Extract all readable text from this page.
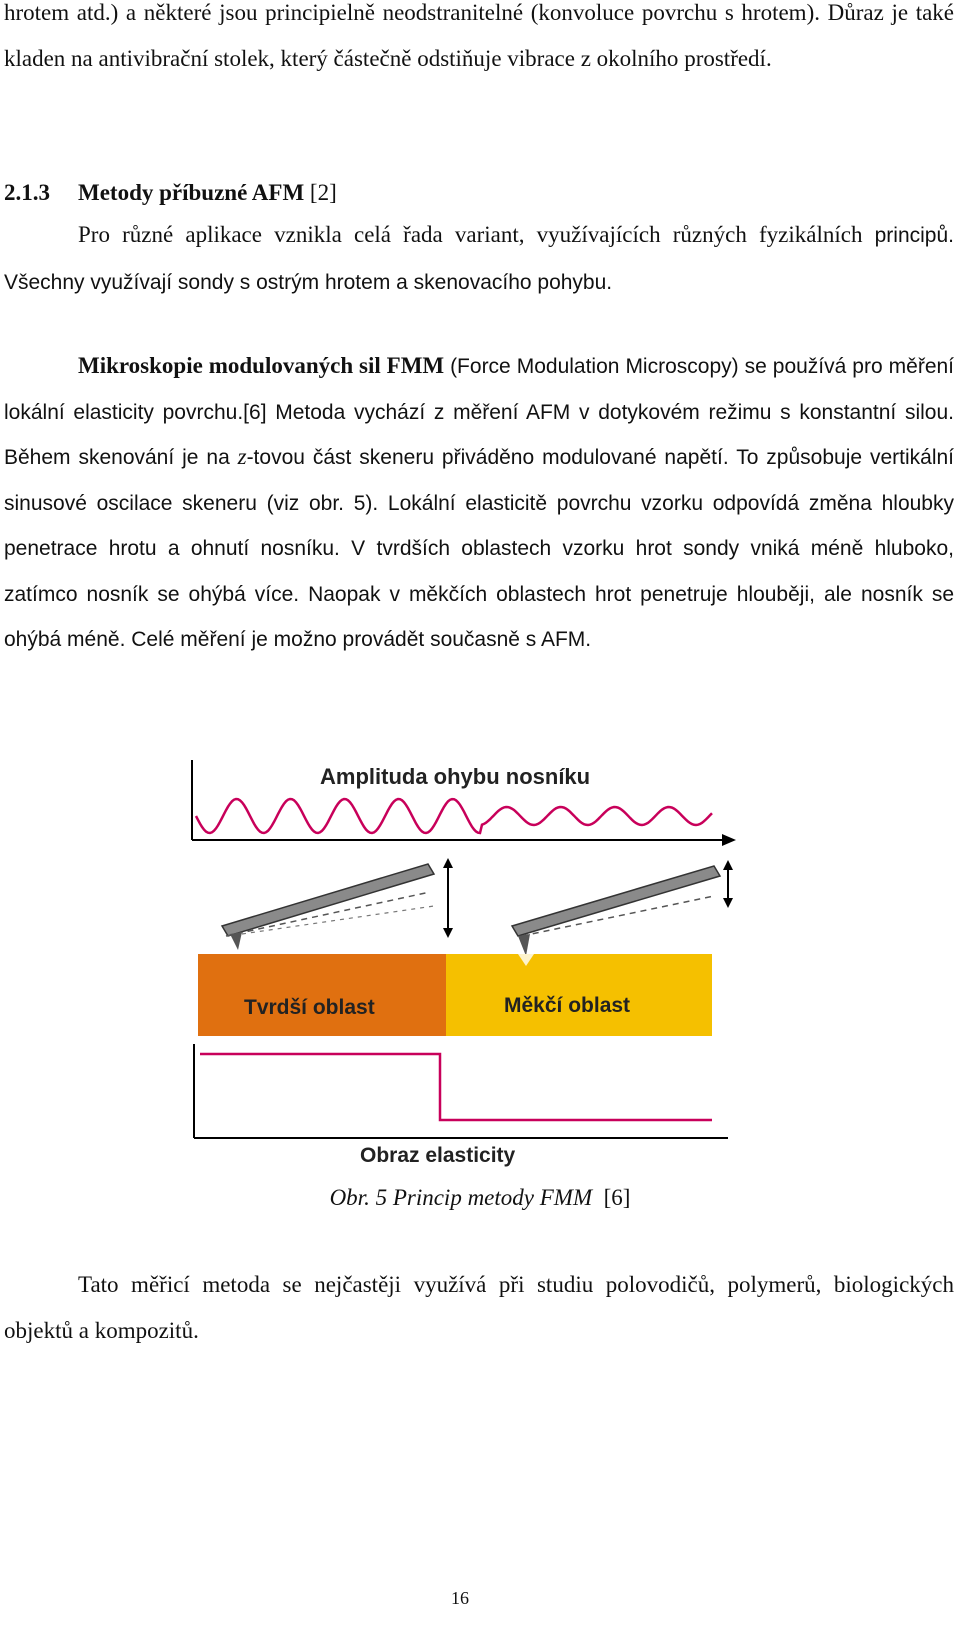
hrotem atd.) a některé jsou principielně neodstranitelné (konvoluce povrchu s hrotem). Důraz je také kladen na antivibrační stolek, který částečně odstiňuje vibrace z okolního prostředí.

2.1.3 Metody příbuzné AFM [2]

Pro různé aplikace vznikla celá řada variant, využívajících různých fyzikálních principů. Všechny využívají sondy s ostrým hrotem a skenovacího pohybu.

Mikroskopie modulovaných sil FMM (Force Modulation Microscopy) se používá pro měření lokální elasticity povrchu.[6] Metoda vychází z měření AFM v dotykovém režimu s konstantní silou. Během skenování je na z-tovou část skeneru přiváděno modulované napětí. To způsobuje vertikální sinusové oscilace skeneru (viz obr. 5). Lokální elasticitě povrchu vzorku odpovídá změna hloubky penetrace hrotu a ohnutí nosníku. V tvrdších oblastech vzorku hrot sondy vniká méně hluboko, zatímco nosník se ohýbá více. Naopak v měkčích oblastech hrot penetruje hlouběji, ale nosník se ohýbá méně. Celé měření je možno provádět současně s AFM.

Amplituda ohybu nosníku
Tvrdší oblast	Měkčí oblast
Obraz elasticity
Obr. 5 Princip metody FMM [6]

Tato měřicí metoda se nejčastěji využívá při studiu polovodičů, polymerů, biologických objektů a kompozitů.

16
